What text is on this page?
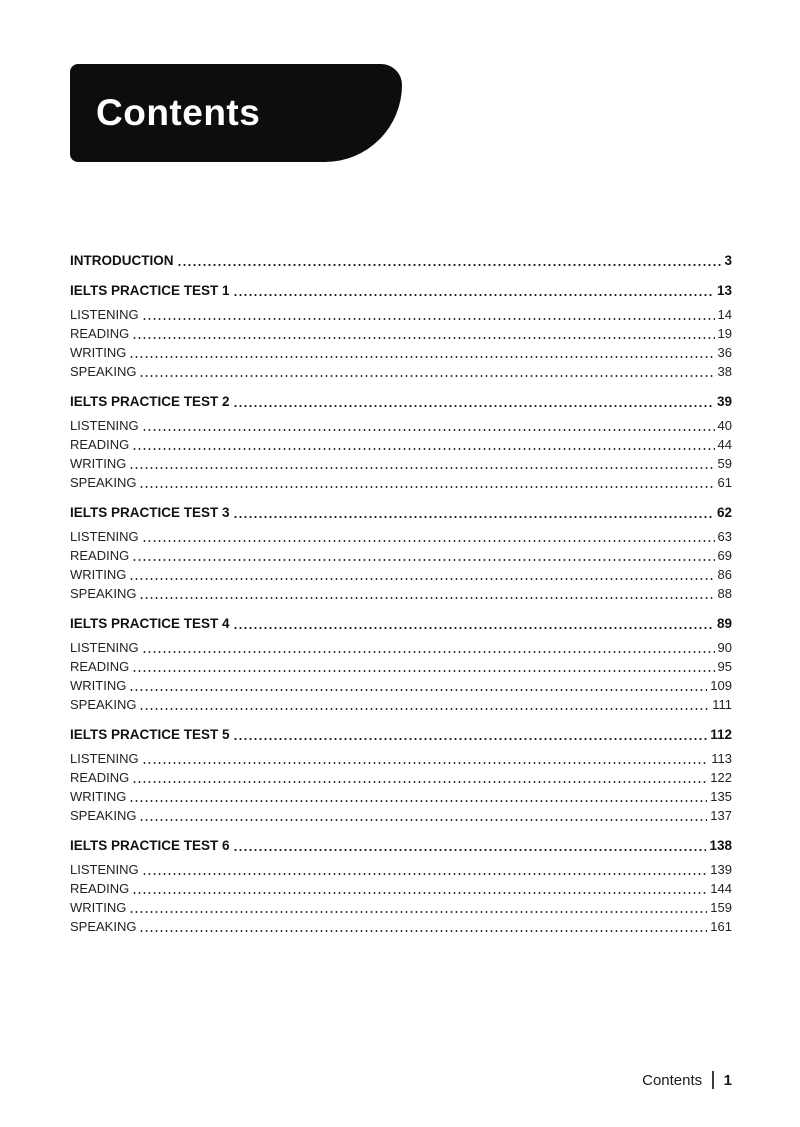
Contents
INTRODUCTION	3
IELTS PRACTICE TEST 1	13
LISTENING	14
READING	19
WRITING	36
SPEAKING	38
IELTS PRACTICE TEST 2	39
LISTENING	40
READING	44
WRITING	59
SPEAKING	61
IELTS PRACTICE TEST 3	62
LISTENING	63
READING	69
WRITING	86
SPEAKING	88
IELTS PRACTICE TEST 4	89
LISTENING	90
READING	95
WRITING	109
SPEAKING	111
IELTS PRACTICE TEST 5	112
LISTENING	113
READING	122
WRITING	135
SPEAKING	137
IELTS PRACTICE TEST 6	138
LISTENING	139
READING	144
WRITING	159
SPEAKING	161
Contents 1
